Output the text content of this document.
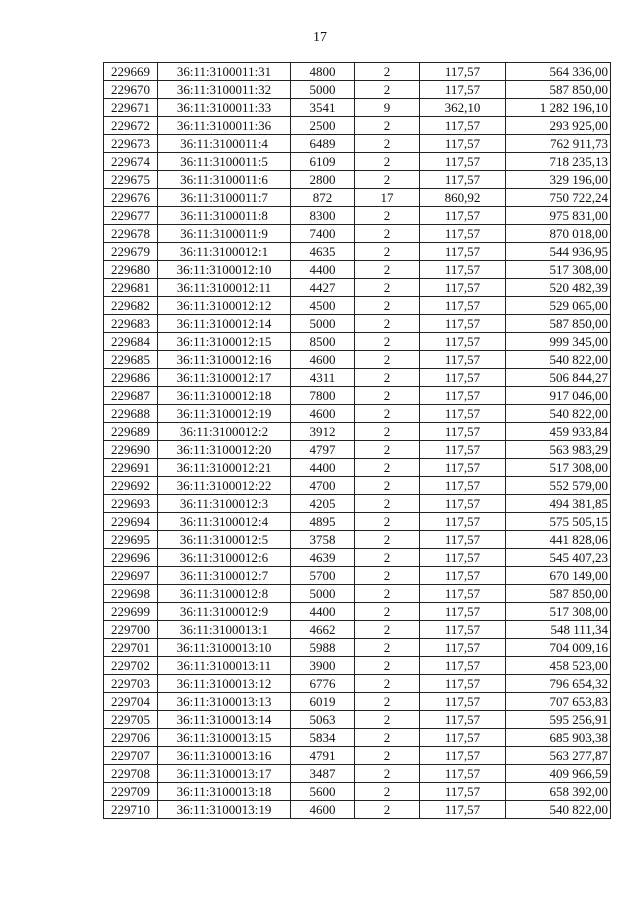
17
229669	36:11:3100011:31	4800	2	117,57	564 336,00
229670	36:11:3100011:32	5000	2	117,57	587 850,00
229671	36:11:3100011:33	3541	9	362,10	1 282 196,10
229672	36:11:3100011:36	2500	2	117,57	293 925,00
229673	36:11:3100011:4	6489	2	117,57	762 911,73
229674	36:11:3100011:5	6109	2	117,57	718 235,13
229675	36:11:3100011:6	2800	2	117,57	329 196,00
229676	36:11:3100011:7	872	17	860,92	750 722,24
229677	36:11:3100011:8	8300	2	117,57	975 831,00
229678	36:11:3100011:9	7400	2	117,57	870 018,00
229679	36:11:3100012:1	4635	2	117,57	544 936,95
229680	36:11:3100012:10	4400	2	117,57	517 308,00
229681	36:11:3100012:11	4427	2	117,57	520 482,39
229682	36:11:3100012:12	4500	2	117,57	529 065,00
229683	36:11:3100012:14	5000	2	117,57	587 850,00
229684	36:11:3100012:15	8500	2	117,57	999 345,00
229685	36:11:3100012:16	4600	2	117,57	540 822,00
229686	36:11:3100012:17	4311	2	117,57	506 844,27
229687	36:11:3100012:18	7800	2	117,57	917 046,00
229688	36:11:3100012:19	4600	2	117,57	540 822,00
229689	36:11:3100012:2	3912	2	117,57	459 933,84
229690	36:11:3100012:20	4797	2	117,57	563 983,29
229691	36:11:3100012:21	4400	2	117,57	517 308,00
229692	36:11:3100012:22	4700	2	117,57	552 579,00
229693	36:11:3100012:3	4205	2	117,57	494 381,85
229694	36:11:3100012:4	4895	2	117,57	575 505,15
229695	36:11:3100012:5	3758	2	117,57	441 828,06
229696	36:11:3100012:6	4639	2	117,57	545 407,23
229697	36:11:3100012:7	5700	2	117,57	670 149,00
229698	36:11:3100012:8	5000	2	117,57	587 850,00
229699	36:11:3100012:9	4400	2	117,57	517 308,00
229700	36:11:3100013:1	4662	2	117,57	548 111,34
229701	36:11:3100013:10	5988	2	117,57	704 009,16
229702	36:11:3100013:11	3900	2	117,57	458 523,00
229703	36:11:3100013:12	6776	2	117,57	796 654,32
229704	36:11:3100013:13	6019	2	117,57	707 653,83
229705	36:11:3100013:14	5063	2	117,57	595 256,91
229706	36:11:3100013:15	5834	2	117,57	685 903,38
229707	36:11:3100013:16	4791	2	117,57	563 277,87
229708	36:11:3100013:17	3487	2	117,57	409 966,59
229709	36:11:3100013:18	5600	2	117,57	658 392,00
229710	36:11:3100013:19	4600	2	117,57	540 822,00
